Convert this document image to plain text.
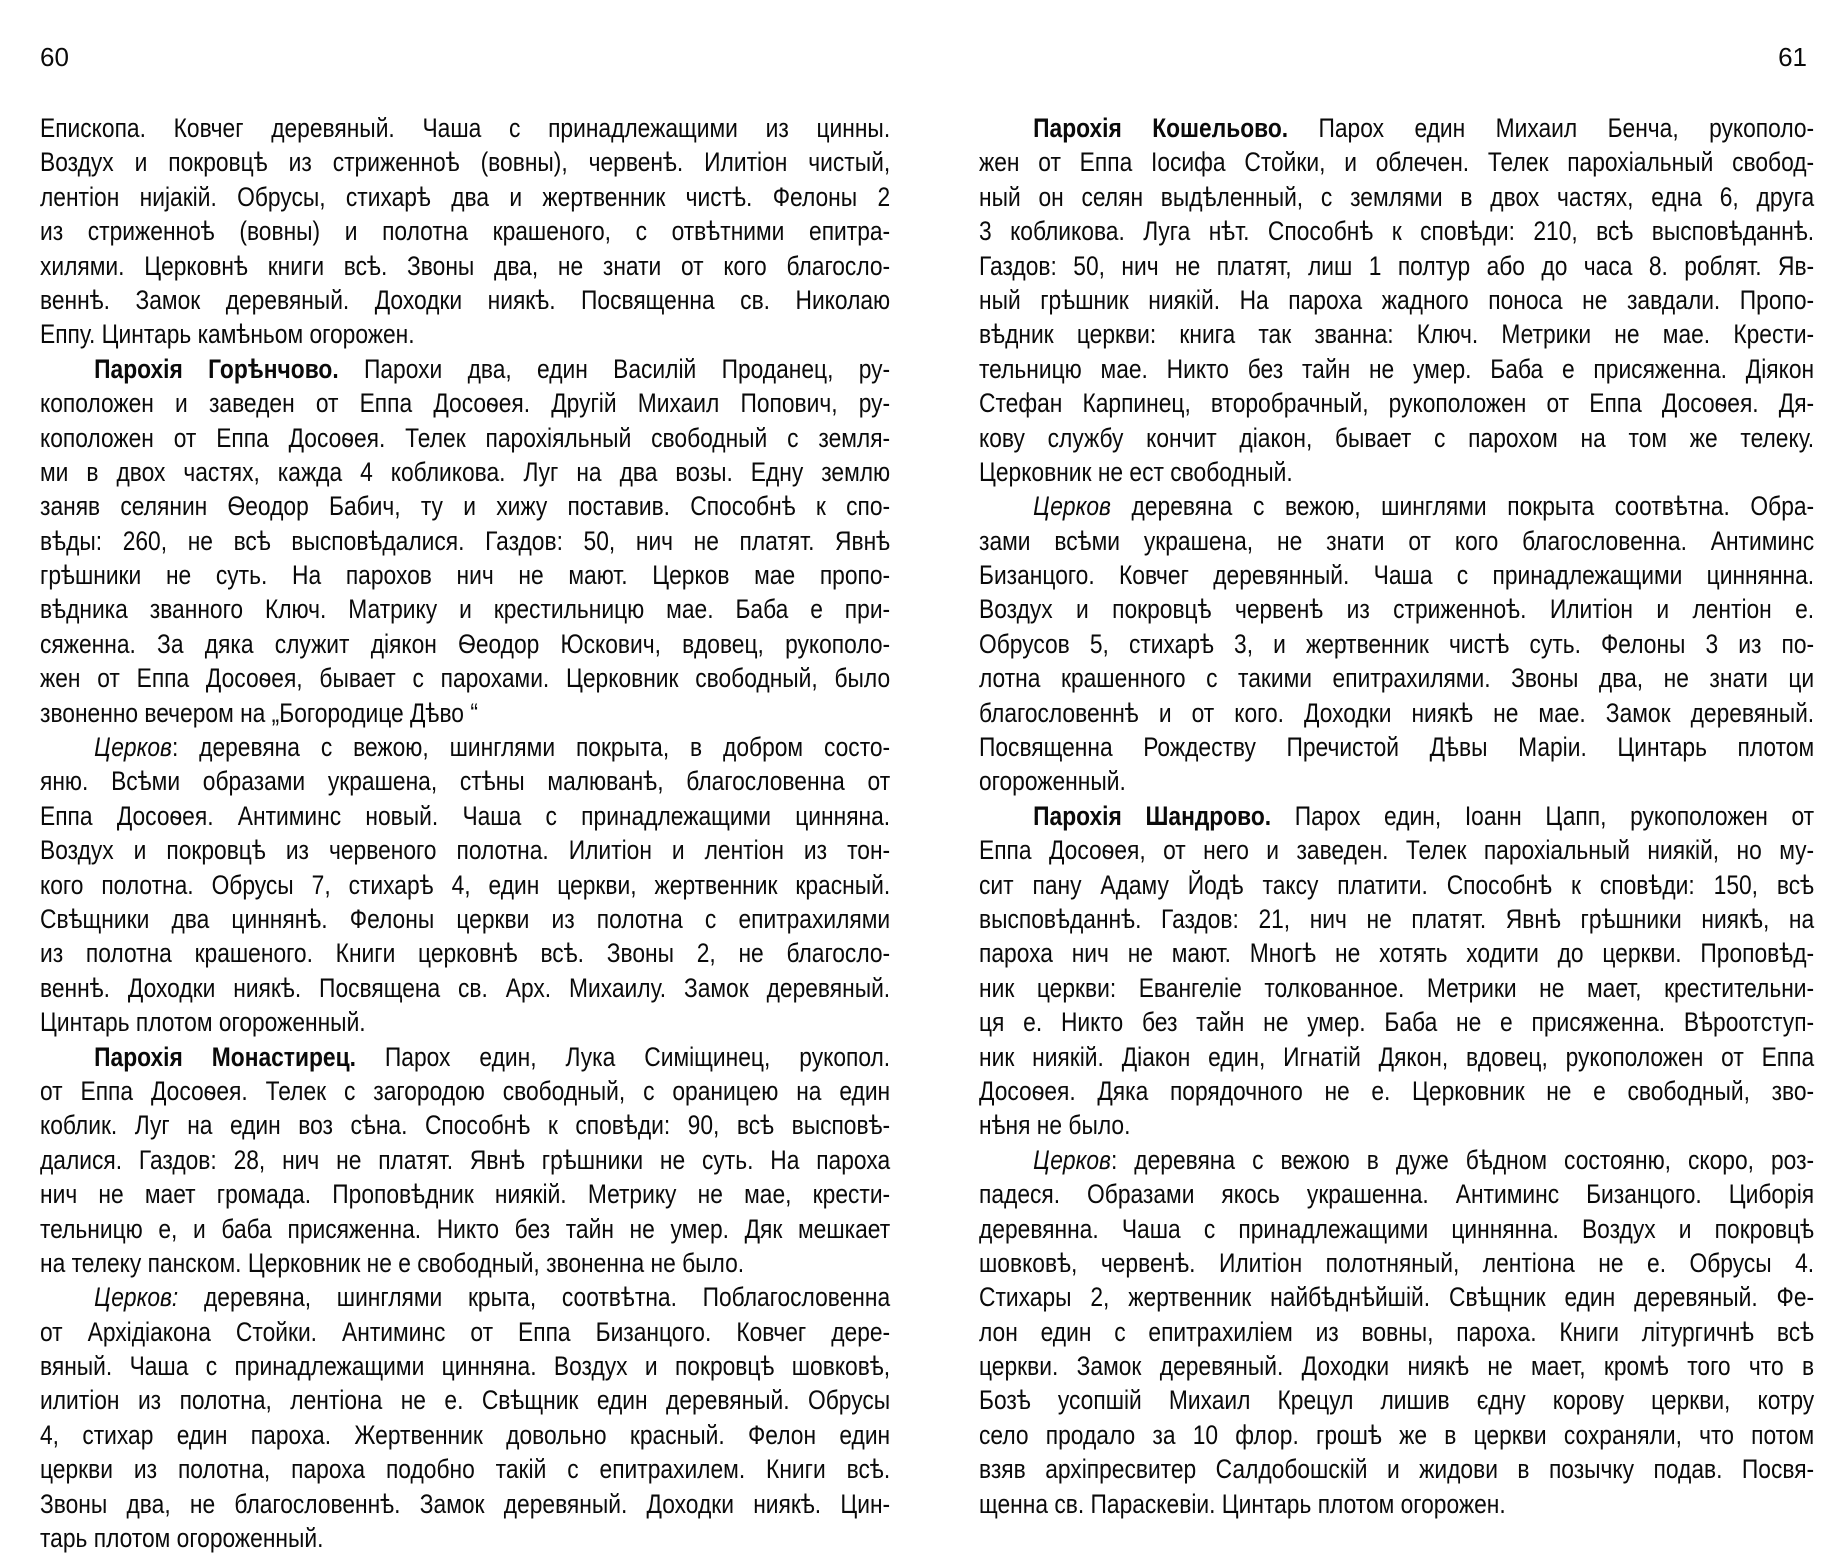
60
Епископа. Ковчег деревяный. Чаша с принадлежащими из цинны.
Воздух и покровцѣ из стриженноѣ (вовны), червенѣ. Илитіон чистый,
лентіон нијакій. Обрусы, стихарѣ два и жертвенник чистѣ. Фелоны 2
из стриженноѣ (вовны) и полотна крашеного, с отвѣтними епитра-
хилями. Церковнѣ книги всѣ. Звоны два, не знати от кого благосло-
веннѣ. Замок деревяный. Доходки ниякѣ. Посвященна св. Николаю
Еппу. Цинтарь камѣньом огорожен.
Парохія Горѣнчово. Парохи два, един Василій Проданец, ру-
коположен и заведен от Еппа Досоѳея. Другій Михаил Попович, ру-
коположен от Еппа Досоѳея. Телек парохіяльный свободный с земля-
ми в двох частях, кажда 4 кобликова. Луг на два возы. Едну землю
заняв селянин Ѳеодор Бабич, ту и хижу поставив. Способнѣ к спо-
вѣды: 260, не всѣ высповѣдалися. Газдов: 50, нич не платят. Явнѣ
грѣшники не суть. На парохов нич не мают. Церков мае пропо-
вѣдника званного Ключ. Матрику и крестильницю мае. Баба е при-
сяженна. За дяка служит діякон Ѳеодор Юскович, вдовец, рукополо-
жен от Еппа Досоѳея, бывает с парохами. Церковник свободный, было
звоненно вечером на „Богородице Дѣво “
Церков: деревяна с вежою, шинглями покрыта, в добром состо-
яню. Всѣми образами украшена, стѣны малюванѣ, благословенна от
Еппа Досоѳея. Антиминс новый. Чаша с принадлежащими цинняна.
Воздух и покровцѣ из червеного полотна. Илитіон и лентіон из тон-
кого полотна. Обрусы 7, стихарѣ 4, един церкви, жертвенник красный.
Свѣщники два циннянѣ. Фелоны церкви из полотна с епитрахилями
из полотна крашеного. Книги церковнѣ всѣ. Звоны 2, не благосло-
веннѣ. Доходки ниякѣ. Посвящена св. Арх. Михаилу. Замок деревяный.
Цинтарь плотом огороженный.
Парохія Монастирец. Парох един, Лука Симіщинец, рукопол.
от Еппа Досоѳея. Телек с загородою свободный, с ораницею на един
коблик. Луг на един воз сѣна. Способнѣ к сповѣди: 90, всѣ высповѣ-
далися. Газдов: 28, нич не платят. Явнѣ грѣшники не суть. На пароха
нич не мает громада. Проповѣдник ниякій. Метрику не мае, крести-
тельницю е, и баба присяженна. Никто без тайн не умер. Дяк мешкает
на телеку панском. Церковник не е свободный, звоненна не было.
Церков: деревяна, шинглями крыта, соотвѣтна. Поблагословенна
от Архідіакона Стойки. Антиминс от Еппа Бизанцого. Ковчег дере-
вяный. Чаша с принадлежащими цинняна. Воздух и покровцѣ шовковѣ,
илитіон из полотна, лентіона не е. Свѣщник един деревяный. Обрусы
4, стихар един пароха. Жертвенник довольно красный. Фелон един
церкви из полотна, пароха подобно такій с епитрахилем. Книги всѣ.
Звоны два, не благословеннѣ. Замок деревяный. Доходки ниякѣ. Цин-
тарь плотом огороженный.
61
Парохія Кошельово. Парох един Михаил Бенча, рукополо-
жен от Еппа Іосифа Стойки, и облечен. Телек парохіальный свобод-
ный он селян выдѣленный, с землями в двох частях, една 6, друга
3 кобликова. Луга нѣт. Способнѣ к сповѣди: 210, всѣ высповѣданнѣ.
Газдов: 50, нич не платят, лиш 1 полтур або до часа 8. роблят. Яв-
ный грѣшник ниякій. На пароха жадного поноса не завдали. Пропо-
вѣдник церкви: книга так званна: Ключ. Метрики не мае. Крести-
тельницю мае. Никто без тайн не умер. Баба е присяженна. Діякон
Стефан Карпинец, второбрачный, рукоположен от Еппа Досоѳея. Дя-
кову службу кончит діакон, бывает с парохом на том же телеку.
Церковник не ест свободный.
Церков деревяна с вежою, шинглями покрыта соотвѣтна. Обра-
зами всѣми украшена, не знати от кого благословенна. Антиминс
Бизанцого. Ковчег деревянный. Чаша с принадлежащими циннянна.
Воздух и покровцѣ червенѣ из стриженноѣ. Илитіон и лентіон е.
Обрусов 5, стихарѣ 3, и жертвенник чистѣ суть. Фелоны 3 из по-
лотна крашенного с такими епитрахилями. Звоны два, не знати ци
благословеннѣ и от кого. Доходки ниякѣ не мае. Замок деревяный.
Посвященна Рождеству Пречистой Дѣвы Маріи. Цинтарь плотом
огороженный.
Парохія Шандрово. Парох един, Іоанн Цапп, рукоположен от
Еппа Досоѳея, от него и заведен. Телек парохіальный ниякій, но му-
сит пану Адаму Йодѣ таксу платити. Способнѣ к сповѣди: 150, всѣ
высповѣданнѣ. Газдов: 21, нич не платят. Явнѣ грѣшники ниякѣ, на
пароха нич не мают. Многѣ не хотять ходити до церкви. Проповѣд-
ник церкви: Евангеліе толкованное. Метрики не мает, крестительни-
ця е. Никто без тайн не умер. Баба не е присяженна. Вѣроотступ-
ник ниякій. Діакон един, Игнатій Дякон, вдовец, рукоположен от Еппа
Досоѳея. Дяка порядочного не е. Церковник не е свободный, зво-
нѣня не было.
Церков: деревяна с вежою в дуже бѣдном состояню, скоро, роз-
падеся. Образами якось украшенна. Антиминс Бизанцого. Циборія
деревянна. Чаша с принадлежащими циннянна. Воздух и покровцѣ
шовковѣ, червенѣ. Илитіон полотняный, лентіона не е. Обрусы 4.
Стихары 2, жертвенник найбѣднѣйшій. Свѣщник един деревяный. Фе-
лон един с епитрахиліем из вовны, пароха. Книги літургичнѣ всѣ
церкви. Замок деревяный. Доходки ниякѣ не мает, кромѣ того что в
Бозѣ усопшій Михаил Крецул лишив єдну корову церкви, котру
село продало за 10 флор. грошѣ же в церкви сохраняли, что потом
взяв архіпресвитер Салдобошскій и жидови в позычку подав. Посвя-
щенна св. Параскевіи. Цинтарь плотом огорожен.
